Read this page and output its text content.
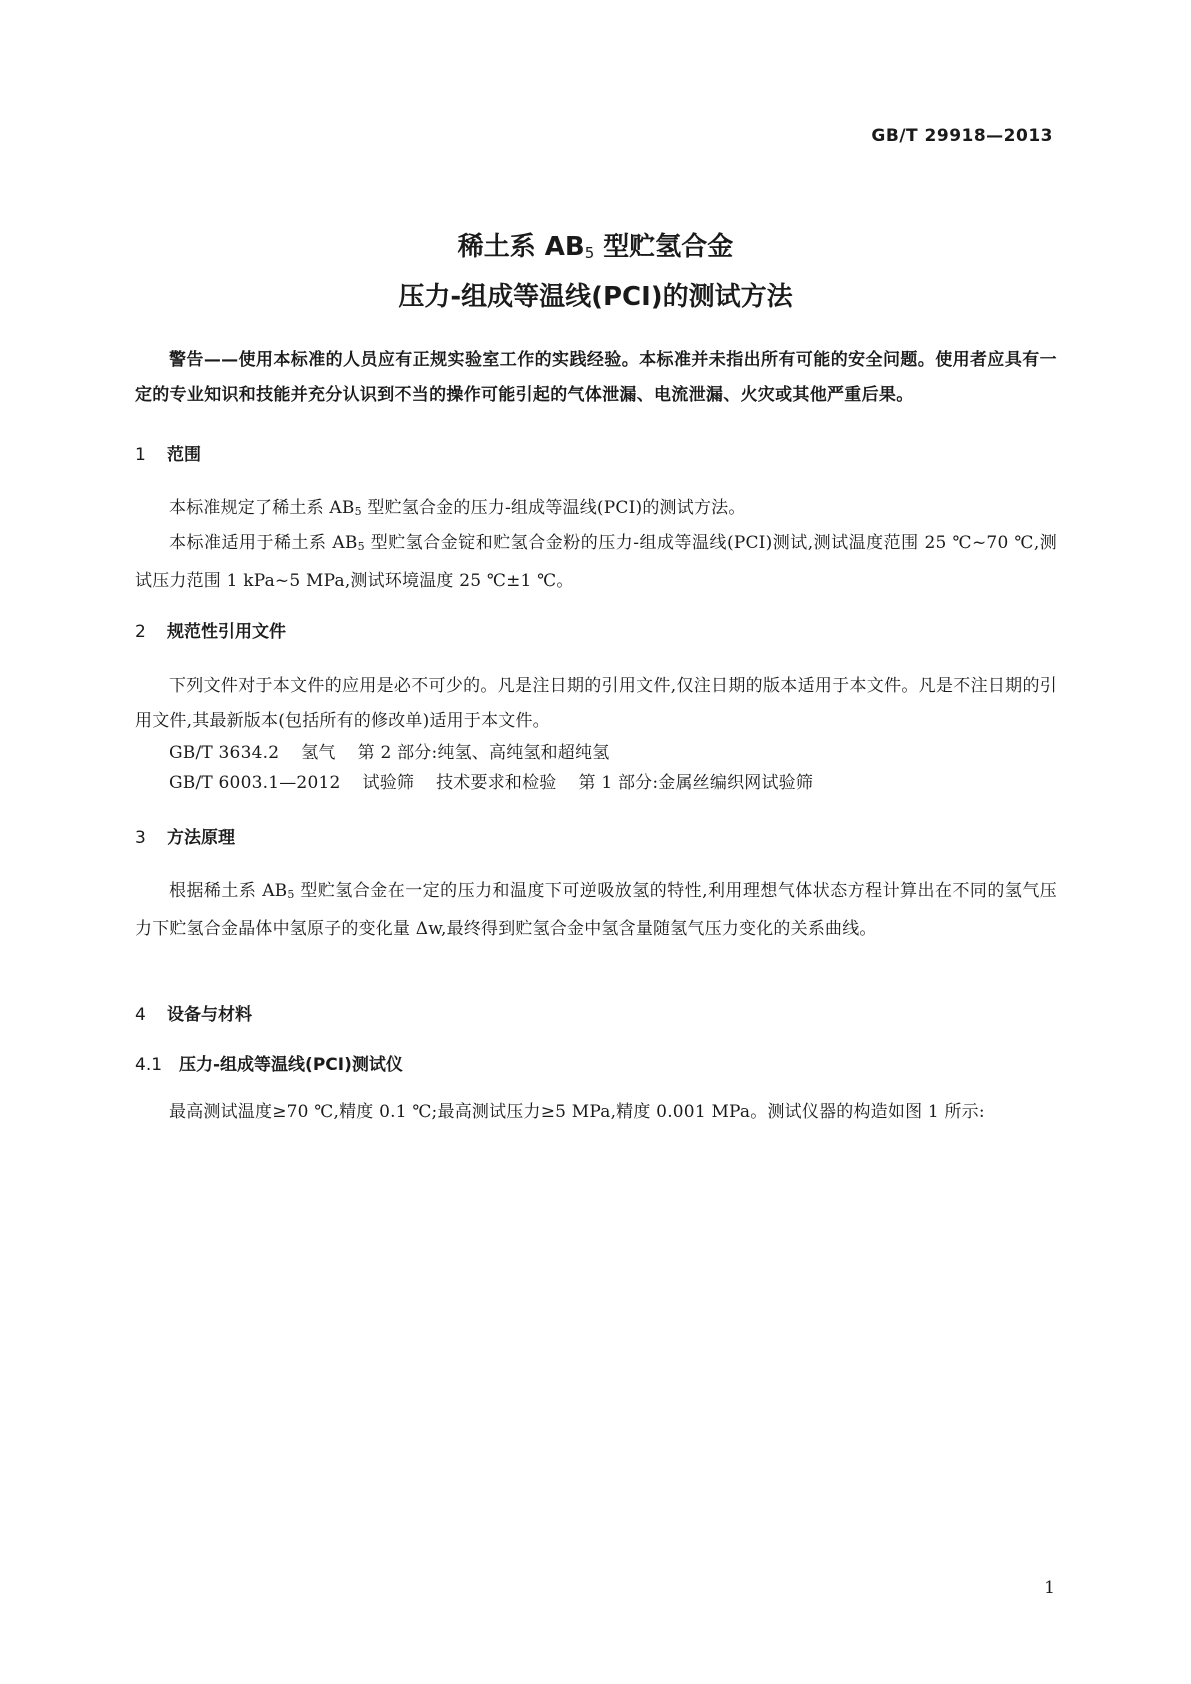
GB/T 29918—2013
稀土系 $AB_5$ 型贮氢合金
压力-组成等温线(PCI)的测试方法
警告——使用本标准的人员应有正规实验室工作的实践经验。本标准并未指出所有可能的安全问题。使用者应具有一定的专业知识和技能并充分认识到不当的操作可能引起的气体泄漏、电流泄漏、火灾或其他严重后果。
1 范围
本标准规定了稀土系 $AB_5$ 型贮氢合金的压力-组成等温线(PCI)的测试方法。
本标准适用于稀土系 $AB_5$ 型贮氢合金锭和贮氢合金粉的压力-组成等温线(PCI)测试,测试温度范围 25 ℃~70 ℃,测试压力范围 1 kPa~5 MPa,测试环境温度 25 ℃±1 ℃。
2 规范性引用文件
下列文件对于本文件的应用是必不可少的。凡是注日期的引用文件,仅注日期的版本适用于本文件。凡是不注日期的引用文件,其最新版本(包括所有的修改单)适用于本文件。
GB/T 3634.2 氢气 第 2 部分:纯氢、高纯氢和超纯氢
GB/T 6003.1—2012 试验筛 技术要求和检验 第 1 部分:金属丝编织网试验筛
3 方法原理
根据稀土系 $AB_5$ 型贮氢合金在一定的压力和温度下可逆吸放氢的特性,利用理想气体状态方程计算出在不同的氢气压力下贮氢合金晶体中氢原子的变化量 Δw,最终得到贮氢合金中氢含量随氢气压力变化的关系曲线。
4 设备与材料
4.1 压力-组成等温线(PCI)测试仪
最高测试温度≥70 ℃,精度 0.1 ℃;最高测试压力≥5 MPa,精度 0.001 MPa。测试仪器的构造如图 1 所示:
1
